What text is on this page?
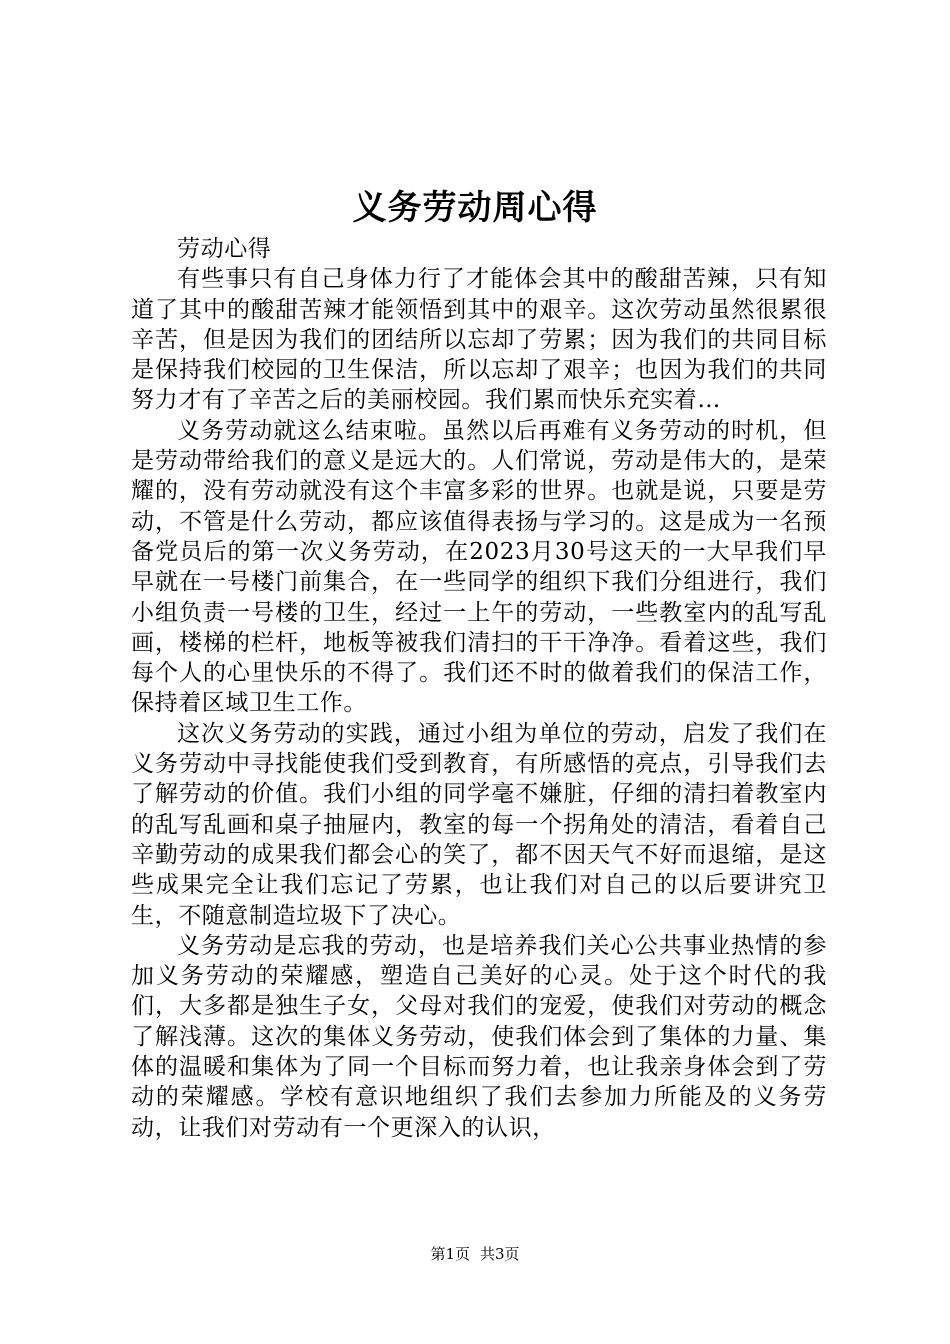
义务劳动周心得

劳动心得

有些事只有自己身体力行了才能体会其中的酸甜苦辣，只有知道了其中的酸甜苦辣才能领悟到其中的艰辛。这次劳动虽然很累很辛苦，但是因为我们的团结所以忘却了劳累；因为我们的共同目标是保持我们校园的卫生保洁，所以忘却了艰辛；也因为我们的共同努力才有了辛苦之后的美丽校园。我们累而快乐充实着…

义务劳动就这么结束啦。虽然以后再难有义务劳动的时机，但是劳动带给我们的意义是远大的。人们常说，劳动是伟大的，是荣耀的，没有劳动就没有这个丰富多彩的世界。也就是说，只要是劳动，不管是什么劳动，都应该值得表扬与学习的。这是成为一名预备党员后的第一次义务劳动，在2023月30号这天的一大早我们早早就在一号楼门前集合，在一些同学的组织下我们分组进行，我们小组负责一号楼的卫生，经过一上午的劳动，一些教室内的乱写乱画，楼梯的栏杆，地板等被我们清扫的干干净净。看着这些，我们每个人的心里快乐的不得了。我们还不时的做着我们的保洁工作，保持着区域卫生工作。

这次义务劳动的实践，通过小组为单位的劳动，启发了我们在义务劳动中寻找能使我们受到教育，有所感悟的亮点，引导我们去了解劳动的价值。我们小组的同学毫不嫌脏，仔细的清扫着教室内的乱写乱画和桌子抽屉内，教室的每一个拐角处的清洁，看着自己辛勤劳动的成果我们都会心的笑了，都不因天气不好而退缩，是这些成果完全让我们忘记了劳累，也让我们对自己的以后要讲究卫生，不随意制造垃圾下了决心。

义务劳动是忘我的劳动，也是培养我们关心公共事业热情的参加义务劳动的荣耀感，塑造自己美好的心灵。处于这个时代的我们，大多都是独生子女，父母对我们的宠爱，使我们对劳动的概念了解浅薄。这次的集体义务劳动，使我们体会到了集体的力量、集体的温暖和集体为了同一个目标而努力着，也让我亲身体会到了劳动的荣耀感。学校有意识地组织了我们去参加力所能及的义务劳动，让我们对劳动有一个更深入的认识，

第1页 共3页
